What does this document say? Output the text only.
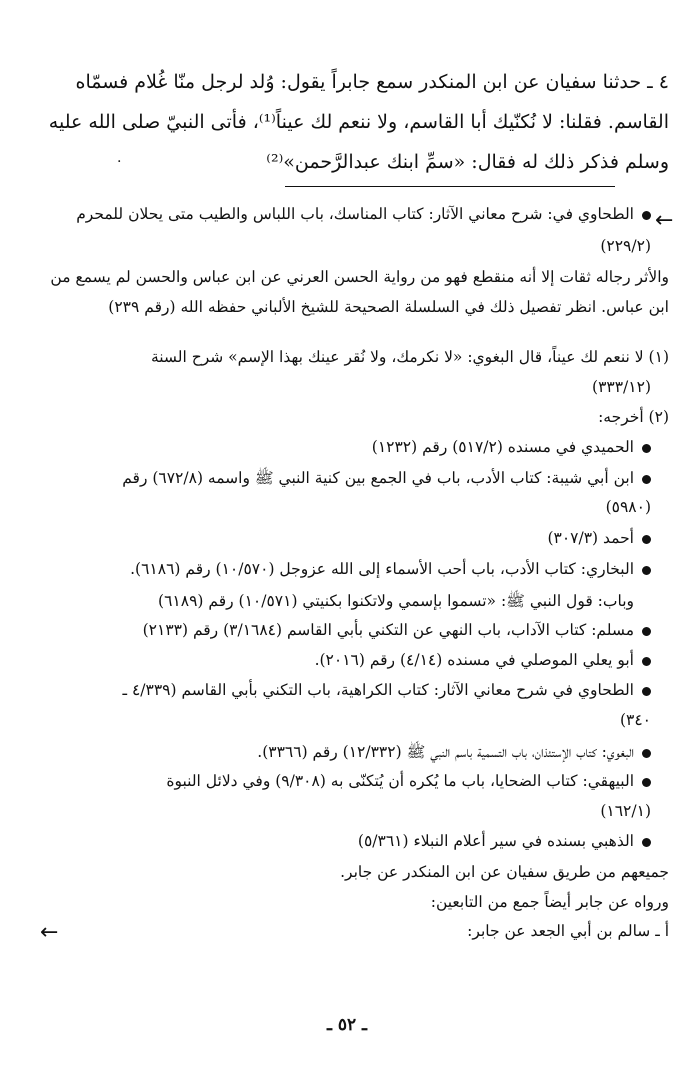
٤ ـ حدثنا سفيان عن ابن المنكدر سمع جابراً يقول: وُلد لرجل منّا غُلام فسمّاه

القاسم. فقلنا: لا نُكنّيك أبا القاسم، ولا ننعم لك عيناً⁽¹⁾، فأتى النبيّ صلى الله عليه

وسلم فذكر ذلك له فقال: «سمِّ ابنك عبدالرَّحمن»⁽²⁾

.
←
←
الطحاوي في: شرح معاني الآثار: كتاب المناسك، باب اللباس والطيب متى يحلان للمحرم
(٢٢٩/٢)
والأثر رجاله ثقات إلا أنه منقطع فهو من رواية الحسن العرني عن ابن عباس والحسن لم يسمع من
ابن عباس. انظر تفصيل ذلك في السلسلة الصحيحة للشيخ الألباني حفظه الله (رقم ٢٣٩)
(١) لا ننعم لك عيناً، قال البغوي: «لا نكرمك، ولا نُقر عينك بهذا الإسم» شرح السنة
(٣٣٣/١٢)
(٢) أخرجه:
الحميدي في مسنده (٥١٧/٢) رقم (١٢٣٢)
ابن أبي شيبة: كتاب الأدب، باب في الجمع بين كنية النبي ﷺ واسمه (٦٧٢/٨) رقم
(٥٩٨٠)
أحمد (٣٠٧/٣)
البخاري: كتاب الأدب، باب أحب الأسماء إلى الله عزوجل (١٠/٥٧٠) رقم (٦١٨٦).
وباب: قول النبي ﷺ: «تسموا بإسمي ولاتكنوا بكنيتي (١٠/٥٧١) رقم (٦١٨٩)
مسلم: كتاب الآداب، باب النهي عن التكني بأبي القاسم (٣/١٦٨٤) رقم (٢١٣٣)
أبو يعلي الموصلي في مسنده (٤/١٤) رقم (٢٠١٦).
الطحاوي في شرح معاني الآثار: كتاب الكراهية، باب التكني بأبي القاسم (٤/٣٣٩ ـ
٣٤٠)
البغوي: كتاب الإستئذان، باب التسمية باسم النبي ﷺ (١٢/٣٣٢) رقم (٣٣٦٦).
البيهقي: كتاب الضحايا، باب ما يُكره أن يُتكنّى به (٩/٣٠٨) وفي دلائل النبوة
(١٦٢/١)
الذهبي بسنده في سير أعلام النبلاء (٥/٣٦١)
جميعهم من طريق سفيان عن ابن المنكدر عن جابر.
ورواه عن جابر أيضاً جمع من التابعين:
أ ـ سالم بن أبي الجعد عن جابر:
ـ ٥٢ ـ
